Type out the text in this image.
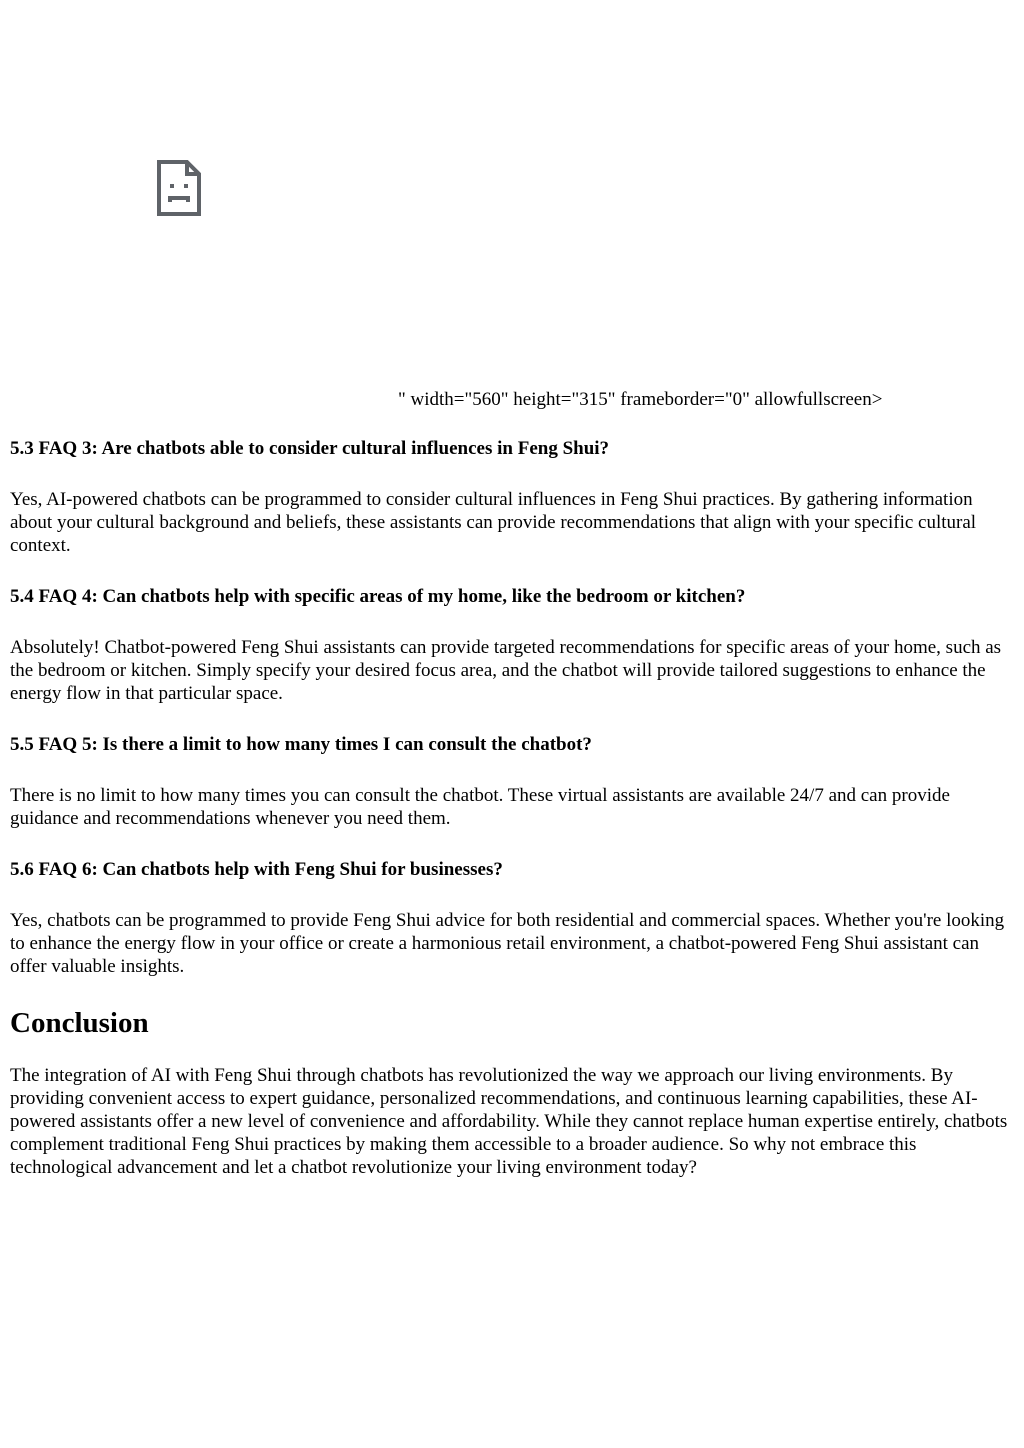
" width="560" height="315" frameborder="0" allowfullscreen>
5.3 FAQ 3: Are chatbots able to consider cultural influences in Feng Shui?

Yes, AI-powered chatbots can be programmed to consider cultural influences in Feng Shui practices. By gathering information about your cultural background and beliefs, these assistants can provide recommendations that align with your specific cultural context.

5.4 FAQ 4: Can chatbots help with specific areas of my home, like the bedroom or kitchen?

Absolutely! Chatbot-powered Feng Shui assistants can provide targeted recommendations for specific areas of your home, such as the bedroom or kitchen. Simply specify your desired focus area, and the chatbot will provide tailored suggestions to enhance the energy flow in that particular space.

5.5 FAQ 5: Is there a limit to how many times I can consult the chatbot?

There is no limit to how many times you can consult the chatbot. These virtual assistants are available 24/7 and can provide guidance and recommendations whenever you need them.

5.6 FAQ 6: Can chatbots help with Feng Shui for businesses?

Yes, chatbots can be programmed to provide Feng Shui advice for both residential and commercial spaces. Whether you're looking to enhance the energy flow in your office or create a harmonious retail environment, a chatbot-powered Feng Shui assistant can offer valuable insights.

Conclusion

The integration of AI with Feng Shui through chatbots has revolutionized the way we approach our living environments. By providing convenient access to expert guidance, personalized recommendations, and continuous learning capabilities, these AI-powered assistants offer a new level of convenience and affordability. While they cannot replace human expertise entirely, chatbots complement traditional Feng Shui practices by making them accessible to a broader audience. So why not embrace this technological advancement and let a chatbot revolutionize your living environment today?
